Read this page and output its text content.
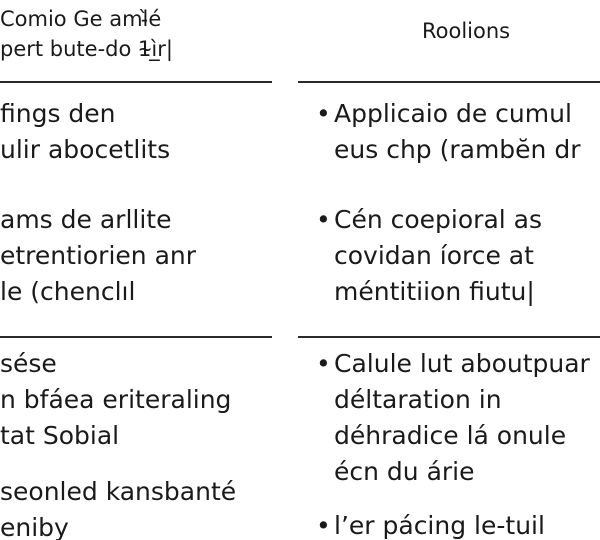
Comio Ge aml̵̀é
pert bute-do 1̴ì̲r|
Roolions
fings den
ulir abocetlits
ams de arllite
etrentiorien anr
le (chenclıl
• Applicaio de cumul
eus chp (rambĕn dr
• Cén coepioral as
covidan íorce at
méntitiion fiutu|
sése
n bfáea eriteraling
tat Sobial
seonled kansbanté
eniby
• Calule lut aboutpuar
déltaration in
déhradice lá onule
écn du árie
• l’er pácing le-tuil
